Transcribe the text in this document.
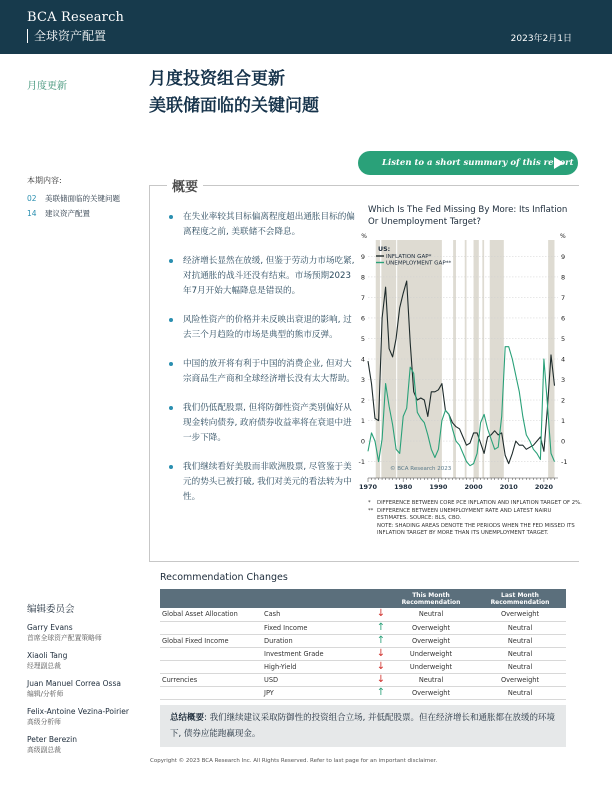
BCA Research
全球资产配置	2023年2月1日
月度更新	月度投资组合更新
美联储面临的关键问题
Listen to a short summary of this report
本期内容:
02 美联储面临的关键问题
14 建议资产配置
概要
在失业率较其目标偏离程度超出通胀目标的偏离程度之前, 美联储不会降息。
经济增长显然在放缓, 但鉴于劳动力市场吃紧, 对抗通胀的战斗还没有结束。市场预期2023年7月开始大幅降息是错误的。
风险性资产的价格并未反映出衰退的影响, 过去三个月趋险的市场是典型的熊市反弹。
中国的放开将有利于中国的消费企业, 但对大宗商品生产商和全球经济增长没有太大帮助。
我们仍低配股票, 但将防御性资产类别偏好从现金转向债券, 政府债券收益率将在衰退中进一步下降。
我们继续看好美股而非欧洲股票, 尽管鉴于美元的势头已被打破, 我们对美元的看法转为中性。
Which Is The Fed Missing By More: Its Inflation Or Unemployment Target?
-1	-1
0	0
1	1
2	2
3	3
4	4
5	5
6	6
7	7
8	8
9	9
%	%
1970	1980	1990	2000	2010	2020
US:
INFLATION GAP*
UNEMPLOYMENT GAP**
© BCA Research 2023

*	DIFFERENCE BETWEEN CORE PCE INFLATION AND INFLATION TARGET OF 2%.

** DIFFERENCE BETWEEN UNEMPLOYMENT RATE AND LATEST NAIRU ESTIMATES. SOURCE: BLS, CBO.

NOTE: SHADING AREAS DENOTE THE PERIODS WHEN THE FED MISSED ITS INFLATION TARGET BY MORE THAN ITS UNEMPLOYMENT TARGET.

Recommendation Changes
			This Month Recommendation	Last Month Recommendation
Global Asset Allocation	Cash	↓	Neutral	Overweight
	Fixed Income	↑	Overweight	Neutral
Global Fixed Income	Duration	↑	Overweight	Neutral
	Investment Grade	↓	Underweight	Neutral
	High-Yield	↓	Underweight	Neutral
Currencies	USD	↓	Neutral	Overweight
	JPY	↑	Overweight	Neutral
总结概要: 我们继续建议采取防御性的投资组合立场, 并低配股票。但在经济增长和通胀都在放缓的环境下, 债券应能跑赢现金。
Copyright © 2023 BCA Research Inc. All Rights Reserved. Refer to last page for an important disclaimer.
编辑委员会
Garry Evans
首席全球资产配置策略师
Xiaoli Tang
经理副总裁
Juan Manuel Correa Ossa
编辑/分析师
Felix-Antoine Vezina-Poirier
高级分析师
Peter Berezin
高级副总裁
